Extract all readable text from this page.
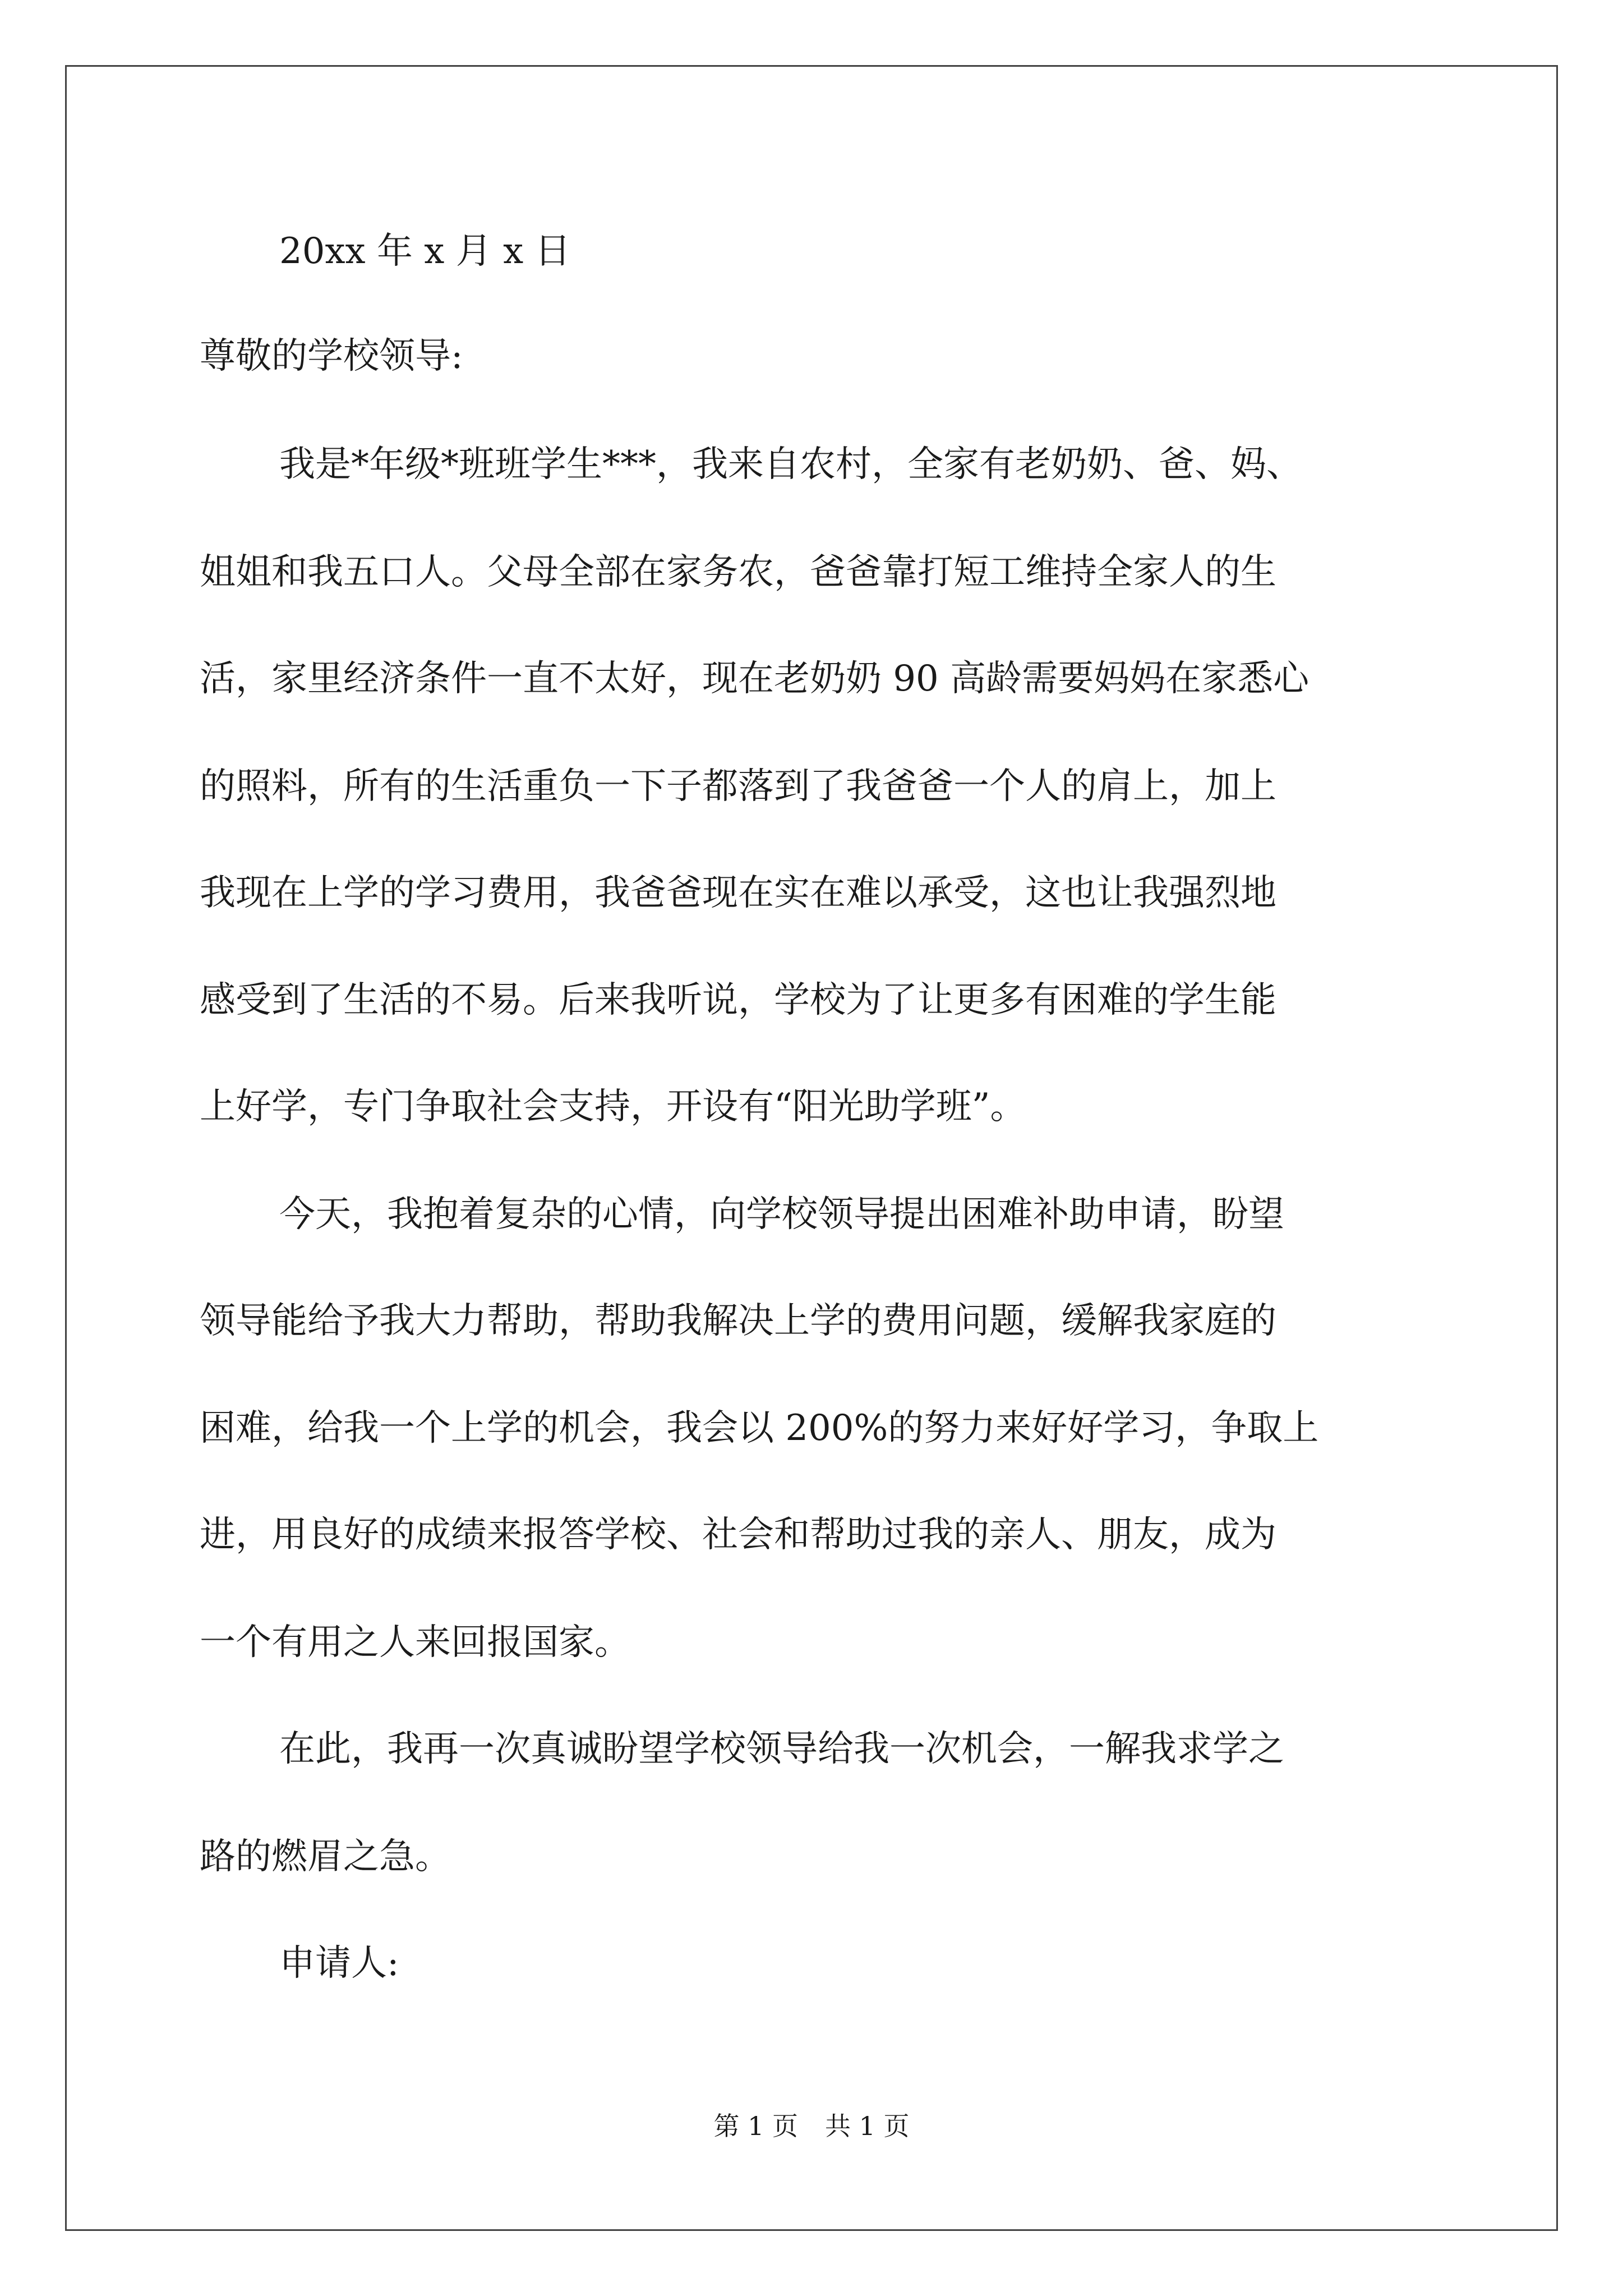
20xx 年 x 月 x 日
尊敬的学校领导:
我是*年级*班班学生***，我来自农村，全家有老奶奶、爸、妈、
姐姐和我五口人。父母全部在家务农，爸爸靠打短工维持全家人的生
活，家里经济条件一直不太好，现在老奶奶 90 高龄需要妈妈在家悉心
的照料，所有的生活重负一下子都落到了我爸爸一个人的肩上，加上
我现在上学的学习费用，我爸爸现在实在难以承受，这也让我强烈地
感受到了生活的不易。后来我听说，学校为了让更多有困难的学生能
上好学，专门争取社会支持，开设有“阳光助学班”。
今天，我抱着复杂的心情，向学校领导提出困难补助申请，盼望
领导能给予我大力帮助，帮助我解决上学的费用问题，缓解我家庭的
困难，给我一个上学的机会，我会以 200%的努力来好好学习，争取上
进，用良好的成绩来报答学校、社会和帮助过我的亲人、朋友，成为
一个有用之人来回报国家。
在此，我再一次真诚盼望学校领导给我一次机会，一解我求学之
路的燃眉之急。
申请人:
第 1 页 共 1 页
